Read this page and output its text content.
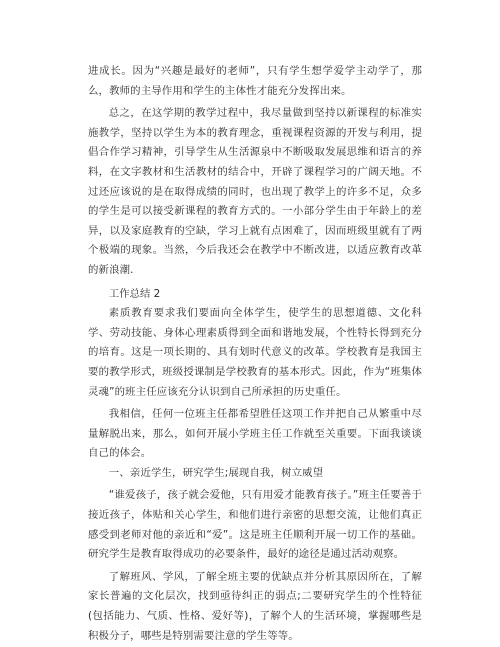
进成长。因为“兴趣是最好的老师”，只有学生想学爱学主动学了，那么，教师的主导作用和学生的主体性才能充分发挥出来。

总之，在这学期的教学过程中，我尽量做到坚持以新课程的标准实施教学，坚持以学生为本的教育理念，重视课程资源的开发与利用，提倡合作学习精神，引导学生从生活源泉中不断吸取发展思维和语言的养料，在文字教材和生活教材的结合中，开辟了课程学习的广阔天地。不过还应该说的是在取得成绩的同时，也出现了教学上的许多不足，众多的学生是可以接受新课程的教育方式的。一小部分学生由于年龄上的差异，以及家庭教育的空缺，学习上就有点困难了，因而班级里就有了两个极端的现象。当然，今后我还会在教学中不断改进，以适应教育改革的新浪潮.

工作总结 2

素质教育要求我们要面向全体学生，使学生的思想道德、文化科学、劳动技能、身体心理素质得到全面和谐地发展，个性特长得到充分的培育。这是一项长期的、具有划时代意义的改革。学校教育是我国主要的教学形式，班级授课制是学校教育的基本形式。因此，作为“班集体灵魂”的班主任应该充分认识到自己所承担的历史重任。

我相信，任何一位班主任都希望胜任这项工作并把自己从繁重中尽量解脱出来，那么，如何开展小学班主任工作就至关重要。下面我谈谈自己的体会。

一、亲近学生，研究学生;展现自我，树立威望

“谁爱孩子，孩子就会爱他，只有用爱才能教育孩子。”班主任要善于接近孩子，体贴和关心学生，和他们进行亲密的思想交流，让他们真正感受到老师对他的亲近和“爱”。这是班主任顺利开展一切工作的基础。研究学生是教育取得成功的必要条件，最好的途径是通过活动观察。

了解班风、学风，了解全班主要的优缺点并分析其原因所在，了解家长普遍的文化层次，找到亟待纠正的弱点;二要研究学生的个性特征(包括能力、气质、性格、爱好等)，了解个人的生活环境，掌握哪些是积极分子，哪些是特别需要注意的学生等等。
